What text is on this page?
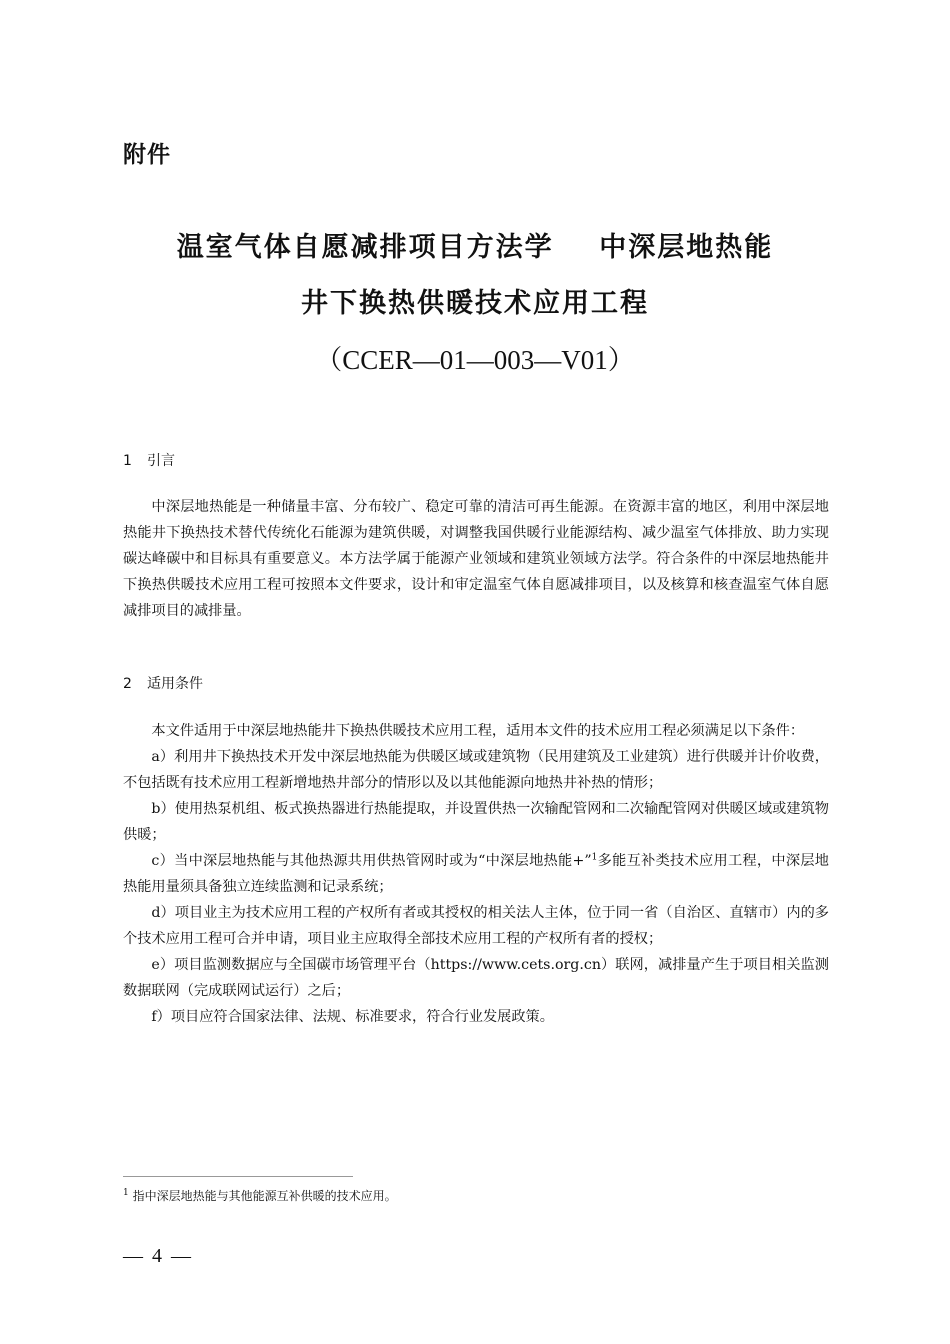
附件
温室气体自愿减排项目方法学    中深层地热能
井下换热供暖技术应用工程
（CCER—01—003—V01）
1 引言

中深层地热能是一种储量丰富、分布较广、稳定可靠的清洁可再生能源。在资源丰富的地区，利用中深层地热能井下换热技术替代传统化石能源为建筑供暖，对调整我国供暖行业能源结构、减少温室气体排放、助力实现碳达峰碳中和目标具有重要意义。本方法学属于能源产业领域和建筑业领域方法学。符合条件的中深层地热能井下换热供暖技术应用工程可按照本文件要求，设计和审定温室气体自愿减排项目，以及核算和核查温室气体自愿减排项目的减排量。

2 适用条件

本文件适用于中深层地热能井下换热供暖技术应用工程，适用本文件的技术应用工程必须满足以下条件：

a）利用井下换热技术开发中深层地热能为供暖区域或建筑物（民用建筑及工业建筑）进行供暖并计价收费，不包括既有技术应用工程新增地热井部分的情形以及以其他能源向地热井补热的情形；

b）使用热泵机组、板式换热器进行热能提取，并设置供热一次输配管网和二次输配管网对供暖区域或建筑物供暖；

c）当中深层地热能与其他热源共用供热管网时或为“中深层地热能+”$^1$多能互补类技术应用工程，中深层地热能用量须具备独立连续监测和记录系统；

d）项目业主为技术应用工程的产权所有者或其授权的相关法人主体，位于同一省（自治区、直辖市）内的多个技术应用工程可合并申请，项目业主应取得全部技术应用工程的产权所有者的授权；

e）项目监测数据应与全国碳市场管理平台（https://www.cets.org.cn）联网，减排量产生于项目相关监测数据联网（完成联网试运行）之后；

f）项目应符合国家法律、法规、标准要求，符合行业发展政策。

$^1$ 指中深层地热能与其他能源互补供暖的技术应用。
— 4 —
